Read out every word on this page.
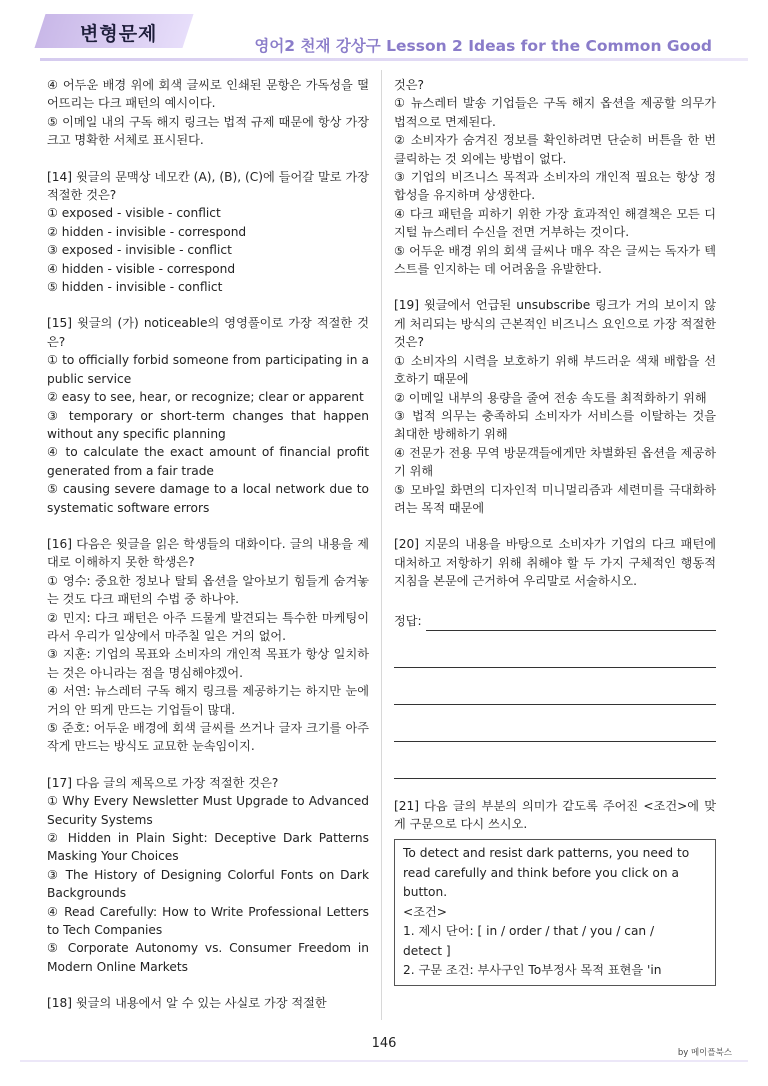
변형문제
영어2 천재 강상구 Lesson 2 Ideas for the Common Good

④ 어두운 배경 위에 회색 글씨로 인쇄된 문항은 가독성을 떨어뜨리는 다크 패턴의 예시이다.

⑤ 이메일 내의 구독 해지 링크는 법적 규제 때문에 항상 가장 크고 명확한 서체로 표시된다.

[14] 윗글의 문맥상 네모칸 (A), (B), (C)에 들어갈 말로 가장 적절한 것은?

① exposed - visible - conflict

② hidden - invisible - correspond

③ exposed - invisible - conflict

④ hidden - visible - correspond

⑤ hidden - invisible - conflict

[15] 윗글의 (가) noticeable의 영영풀이로 가장 적절한 것은?

① to officially forbid someone from participating in a public service

② easy to see, hear, or recognize; clear or apparent

③ temporary or short-term changes that happen without any specific planning

④ to calculate the exact amount of financial profit generated from a fair trade

⑤ causing severe damage to a local network due to systematic software errors

[16] 다음은 윗글을 읽은 학생들의 대화이다. 글의 내용을 제대로 이해하지 못한 학생은?

① 영수: 중요한 정보나 탈퇴 옵션을 알아보기 힘들게 숨겨놓는 것도 다크 패턴의 수법 중 하나야.

② 민지: 다크 패턴은 아주 드물게 발견되는 특수한 마케팅이라서 우리가 일상에서 마주칠 일은 거의 없어.

③ 지훈: 기업의 목표와 소비자의 개인적 목표가 항상 일치하는 것은 아니라는 점을 명심해야겠어.

④ 서연: 뉴스레터 구독 해지 링크를 제공하기는 하지만 눈에 거의 안 띄게 만드는 기업들이 많대.

⑤ 준호: 어두운 배경에 회색 글씨를 쓰거나 글자 크기를 아주 작게 만드는 방식도 교묘한 눈속임이지.

[17] 다음 글의 제목으로 가장 적절한 것은?

① Why Every Newsletter Must Upgrade to Advanced Security Systems

② Hidden in Plain Sight: Deceptive Dark Patterns Masking Your Choices

③ The History of Designing Colorful Fonts on Dark Backgrounds

④ Read Carefully: How to Write Professional Letters to Tech Companies

⑤ Corporate Autonomy vs. Consumer Freedom in Modern Online Markets

[18] 윗글의 내용에서 알 수 있는 사실로 가장 적절한

것은?

① 뉴스레터 발송 기업들은 구독 해지 옵션을 제공할 의무가 법적으로 면제된다.

② 소비자가 숨겨진 정보를 확인하려면 단순히 버튼을 한 번 클릭하는 것 외에는 방법이 없다.

③ 기업의 비즈니스 목적과 소비자의 개인적 필요는 항상 정합성을 유지하며 상생한다.

④ 다크 패턴을 피하기 위한 가장 효과적인 해결책은 모든 디지털 뉴스레터 수신을 전면 거부하는 것이다.

⑤ 어두운 배경 위의 회색 글씨나 매우 작은 글씨는 독자가 텍스트를 인지하는 데 어려움을 유발한다.

[19] 윗글에서 언급된 unsubscribe 링크가 거의 보이지 않게 처리되는 방식의 근본적인 비즈니스 요인으로 가장 적절한 것은?

① 소비자의 시력을 보호하기 위해 부드러운 색채 배합을 선호하기 때문에

② 이메일 내부의 용량을 줄여 전송 속도를 최적화하기 위해

③ 법적 의무는 충족하되 소비자가 서비스를 이탈하는 것을 최대한 방해하기 위해

④ 전문가 전용 무역 방문객들에게만 차별화된 옵션을 제공하기 위해

⑤ 모바일 화면의 디자인적 미니멀리즘과 세련미를 극대화하려는 목적 때문에

[20] 지문의 내용을 바탕으로 소비자가 기업의 다크 패턴에 대처하고 저항하기 위해 취해야 할 두 가지 구체적인 행동적 지침을 본문에 근거하여 우리말로 서술하시오.

정답:

[21] 다음 글의 부분의 의미가 같도록 주어진 <조건>에 맞게 구문으로 다시 쓰시오.

To detect and resist dark patterns, you need to

read carefully and think before you click on a

button.

<조건>

1. 제시 단어: [ in / order / that / you / can /

detect ]

2. 구문 조건: 부사구인 To부정사 목적 표현을 'in

146
by 메이플북스
